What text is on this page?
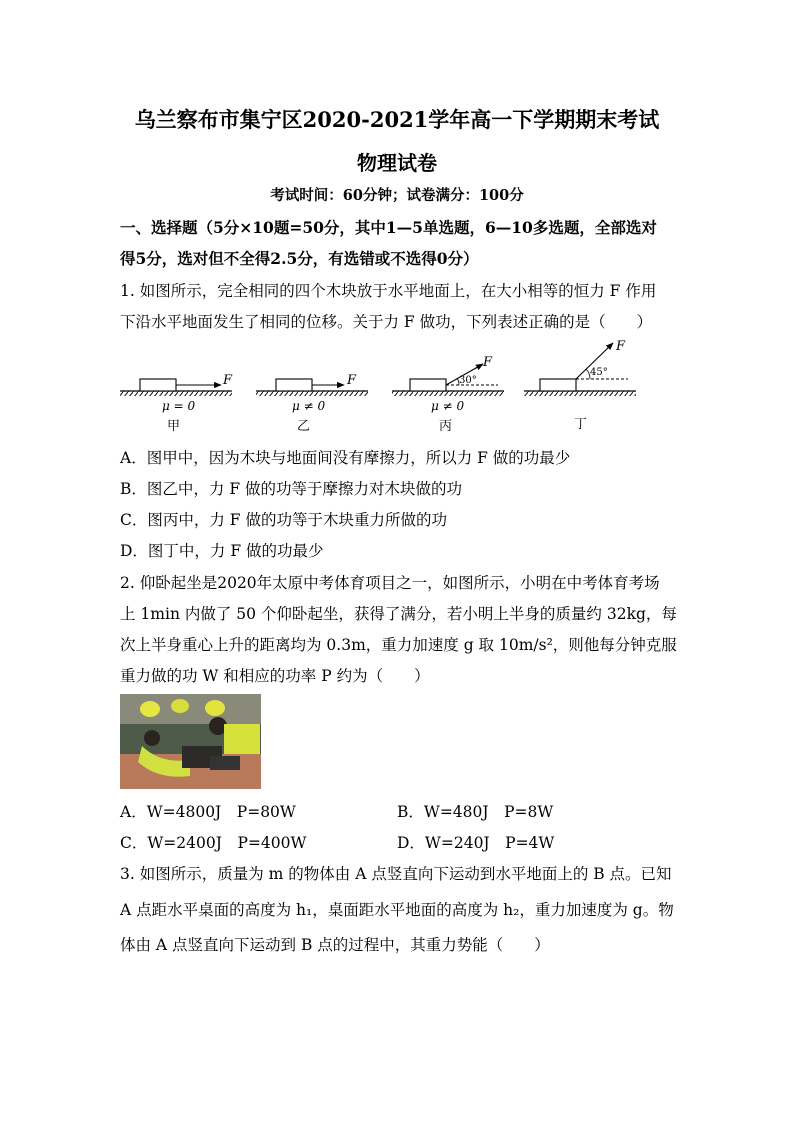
乌兰察布市集宁区2020-2021学年高一下学期期末考试
物理试卷
考试时间：60分钟；试卷满分：100分
一、选择题（5分×10题=50分，其中1—5单选题，6—10多选题，全部选对
得5分，选对但不全得2.5分，有选错或不选得0分）
1. 如图所示，完全相同的四个木块放于水平地面上，在大小相等的恒力 F 作用
下沿水平地面发生了相同的位移。关于力 F 做功，下列表述正确的是（　　）
F
μ = 0
甲
F
μ ≠ 0
乙
30°
F
μ ≠ 0
丙
45°
F
丁
A．图甲中，因为木块与地面间没有摩擦力，所以力 F 做的功最少
B．图乙中，力 F 做的功等于摩擦力对木块做的功
C．图丙中，力 F 做的功等于木块重力所做的功
D．图丁中，力 F 做的功最少
2. 仰卧起坐是2020年太原中考体育项目之一，如图所示，小明在中考体育考场
上 1min 内做了 50 个仰卧起坐，获得了满分，若小明上半身的质量约 32kg，每
次上半身重心上升的距离均为 0.3m，重力加速度 g 取 10m/s²，则他每分钟克服
重力做的功 W 和相应的功率 P 约为（　　）
A．W=4800J　P=80W	B．W=480J　P=8W
C．W=2400J　P=400W	D．W=240J　P=4W
3. 如图所示，质量为 m 的物体由 A 点竖直向下运动到水平地面上的 B 点。已知
A 点距水平桌面的高度为 h₁，桌面距水平地面的高度为 h₂，重力加速度为 g。物
体由 A 点竖直向下运动到 B 点的过程中，其重力势能（　　）
